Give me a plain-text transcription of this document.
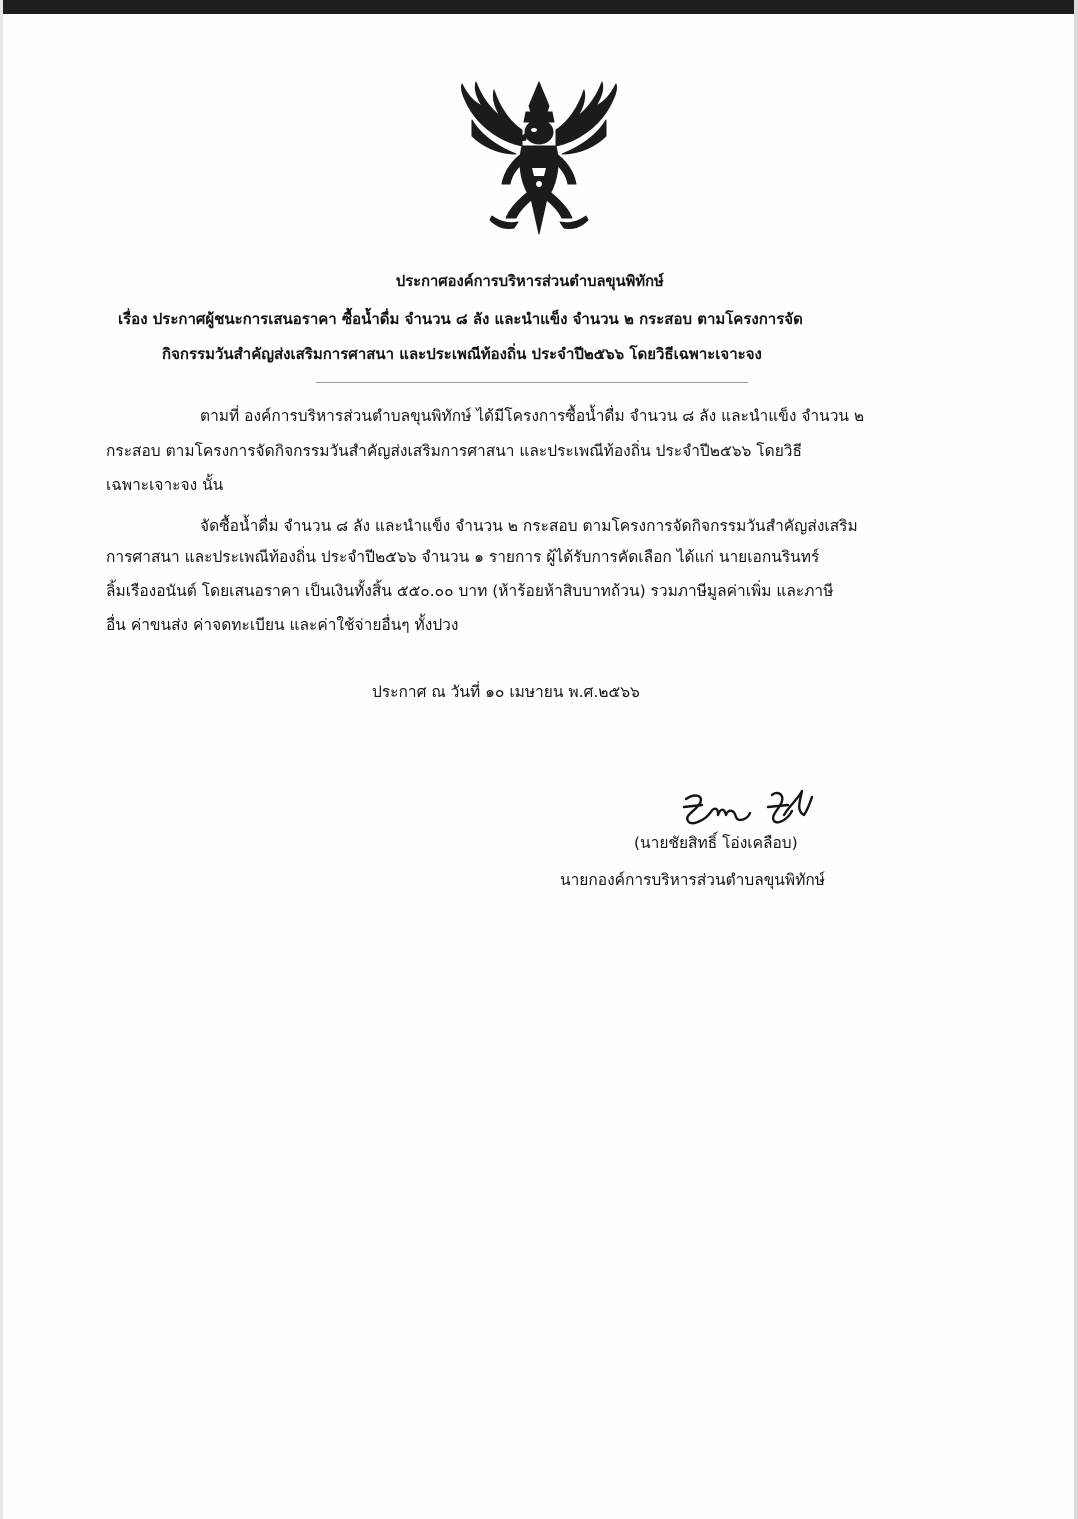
ประกาศองค์การบริหารส่วนตำบลขุนพิทักษ์
เรื่อง ประกาศผู้ชนะการเสนอราคา ซื้อน้ำดื่ม จำนวน ๘ ลัง และนำแข็ง จำนวน ๒ กระสอบ ตามโครงการจัด
กิจกรรมวันสำคัญส่งเสริมการศาสนา และประเพณีท้องถิ่น ประจำปี๒๕๖๖ โดยวิธีเฉพาะเจาะจง
ตามที่ องค์การบริหารส่วนตำบลขุนพิทักษ์ ได้มีโครงการซื้อน้ำดื่ม จำนวน ๘ ลัง และนำแข็ง จำนวน ๒
กระสอบ ตามโครงการจัดกิจกรรมวันสำคัญส่งเสริมการศาสนา และประเพณีท้องถิ่น ประจำปี๒๕๖๖ โดยวิธี
เฉพาะเจาะจง นั้น
จัดซื้อน้ำดื่ม จำนวน ๘ ลัง และนำแข็ง จำนวน ๒ กระสอบ ตามโครงการจัดกิจกรรมวันสำคัญส่งเสริม
การศาสนา และประเพณีท้องถิ่น ประจำปี๒๕๖๖ จำนวน ๑ รายการ ผู้ได้รับการคัดเลือก ได้แก่ นายเอกนรินทร์
ลิ้มเรืองอนันต์ โดยเสนอราคา เป็นเงินทั้งสิ้น ๕๕๐.๐๐ บาท (ห้าร้อยห้าสิบบาทถ้วน) รวมภาษีมูลค่าเพิ่ม และภาษี
อื่น ค่าขนส่ง ค่าจดทะเบียน และค่าใช้จ่ายอื่นๆ ทั้งปวง
ประกาศ ณ วันที่ ๑๐ เมษายน พ.ศ.๒๕๖๖
(นายชัยสิทธิ์ โอ่งเคลือบ)
นายกองค์การบริหารส่วนตำบลขุนพิทักษ์
